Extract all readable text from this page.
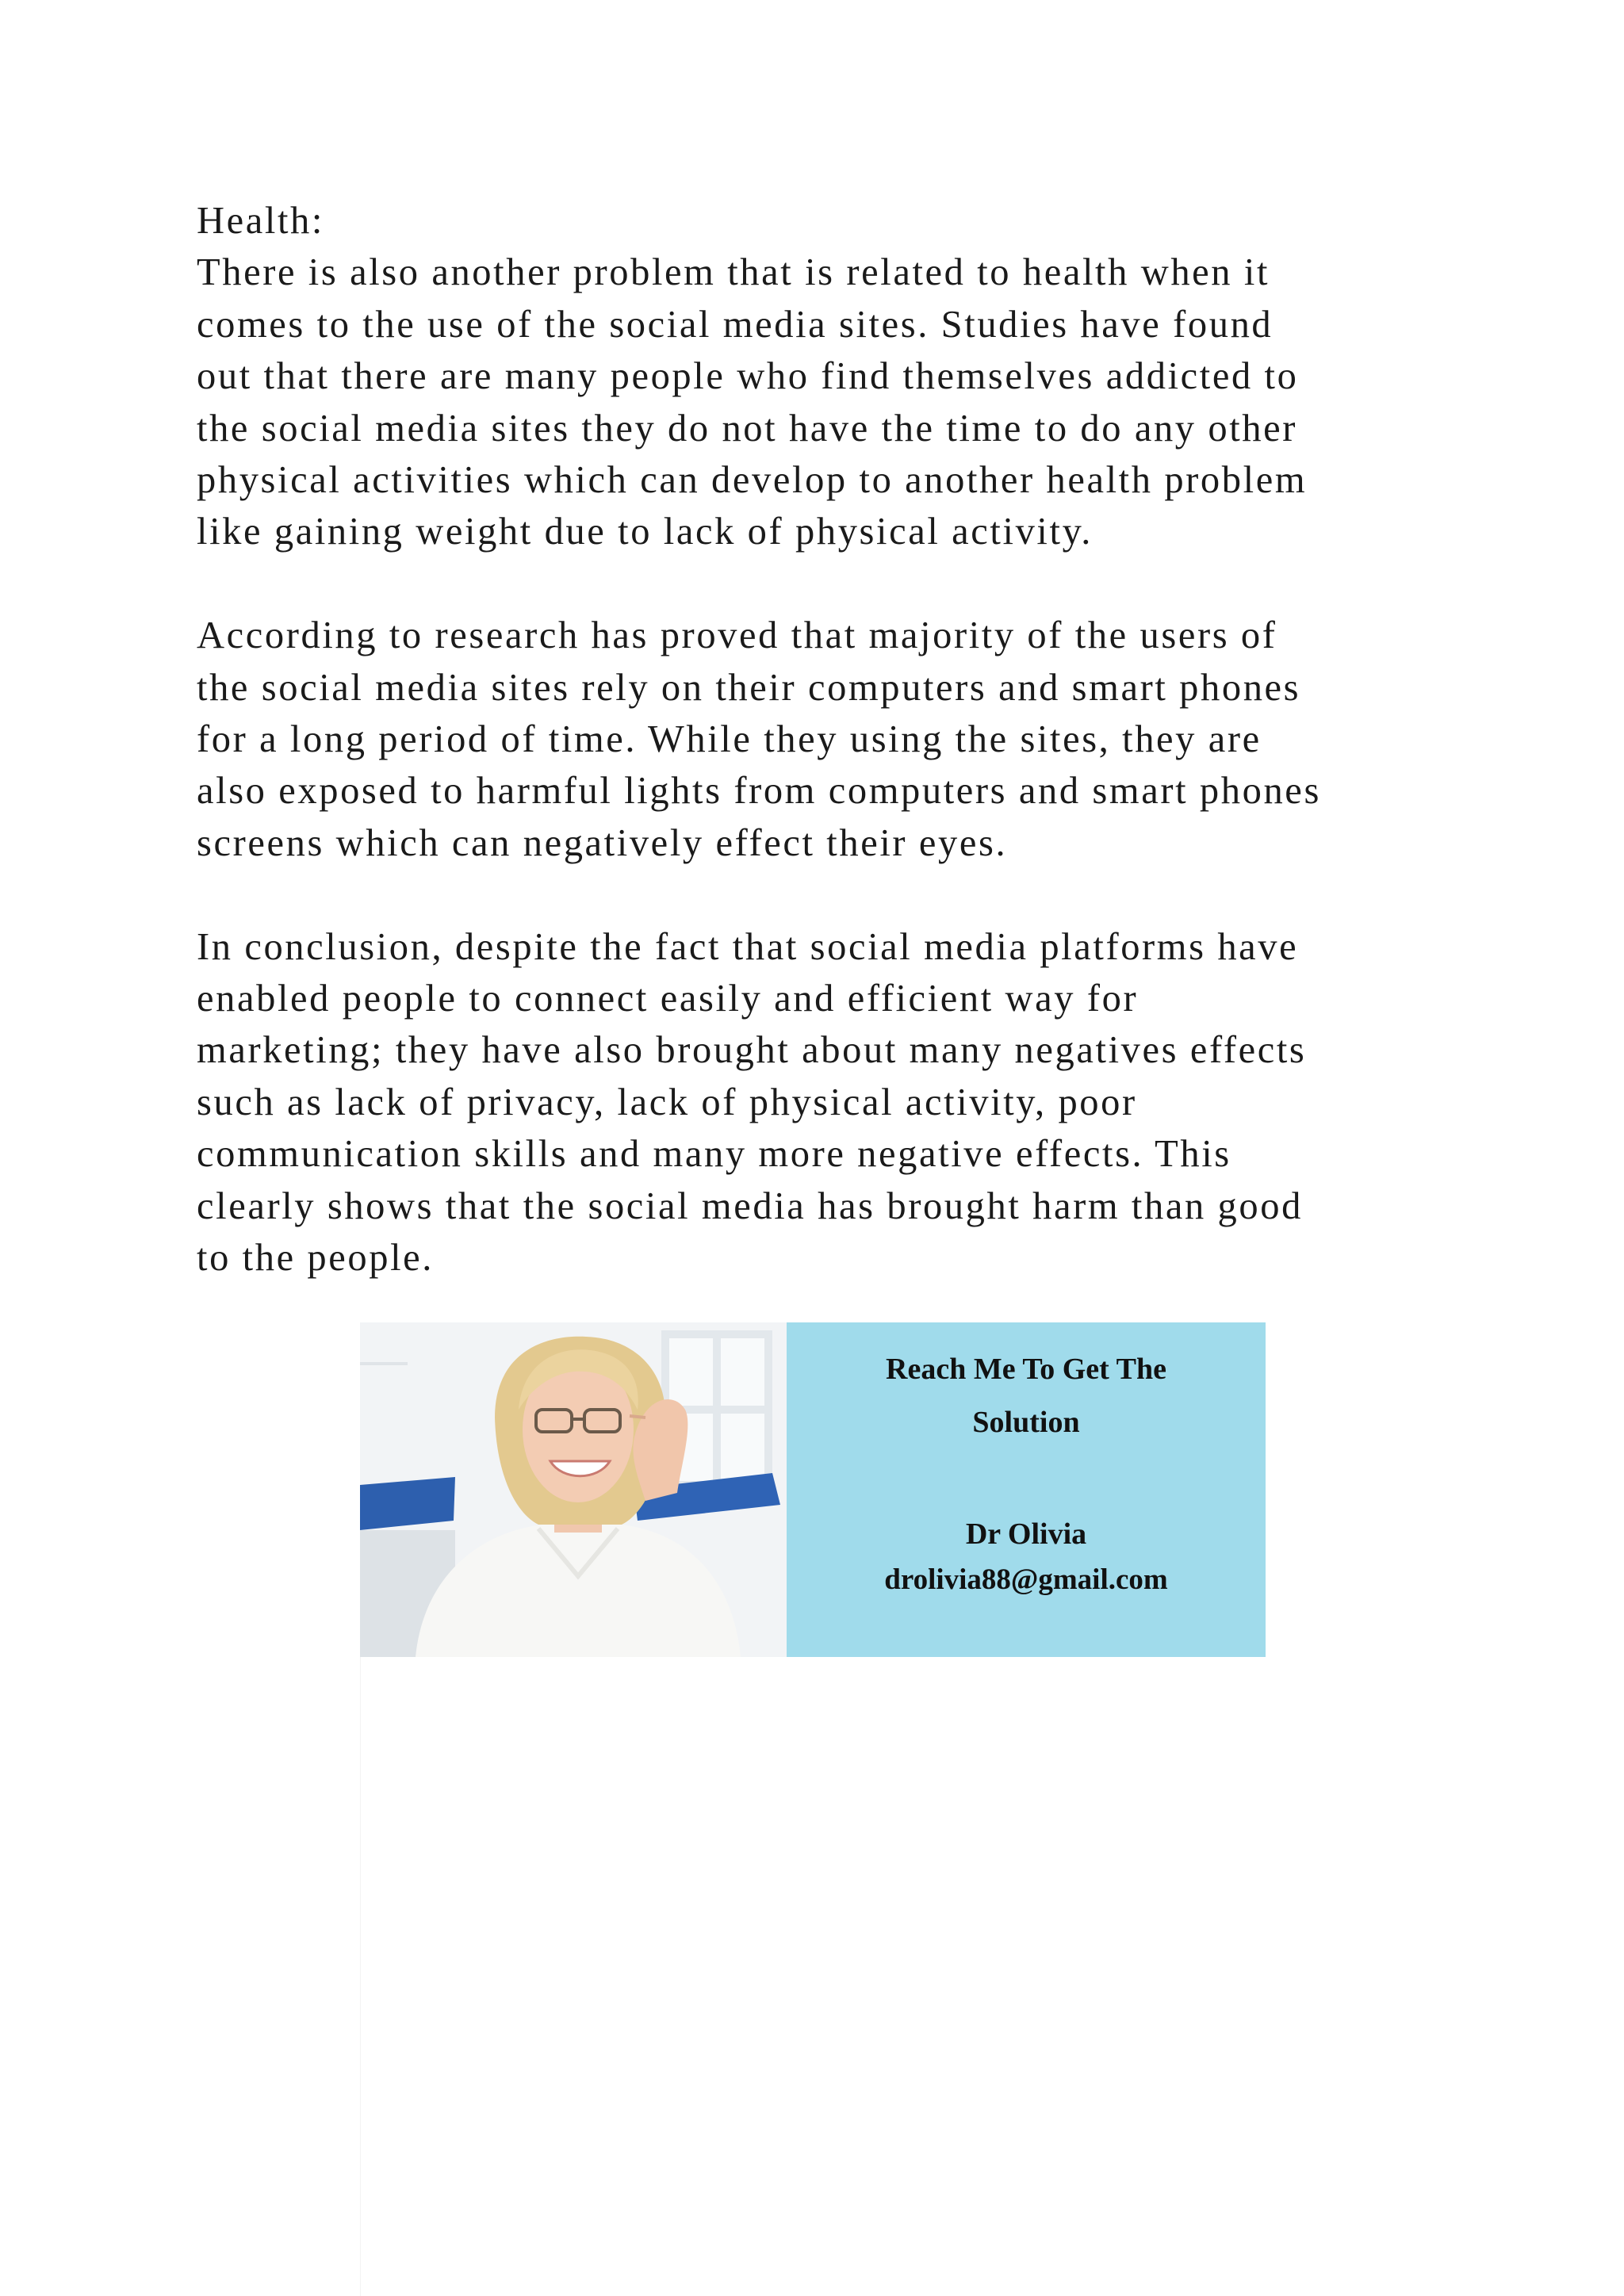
Health:
There is also another problem that is related to health when it
comes to the use of the social media sites. Studies have found
out that there are many people who find themselves addicted to
the social media sites they do not have the time to do any other
physical activities which can develop to another health problem
like gaining weight due to lack of physical activity.
According to research has proved that majority of the users of
the social media sites rely on their computers and smart phones
for a long period of time. While they using the sites, they are
also exposed to harmful lights from computers and smart phones
screens which can negatively effect their eyes.
In conclusion, despite the fact that social media platforms have
enabled people to connect easily and efficient way for
marketing; they have also brought about many negatives effects
such as lack of privacy, lack of physical activity, poor
communication skills and many more negative effects. This
clearly shows that the social media has brought harm than good
to the people.
Reach Me To Get The
Solution
Dr Olivia
drolivia88@gmail.com
